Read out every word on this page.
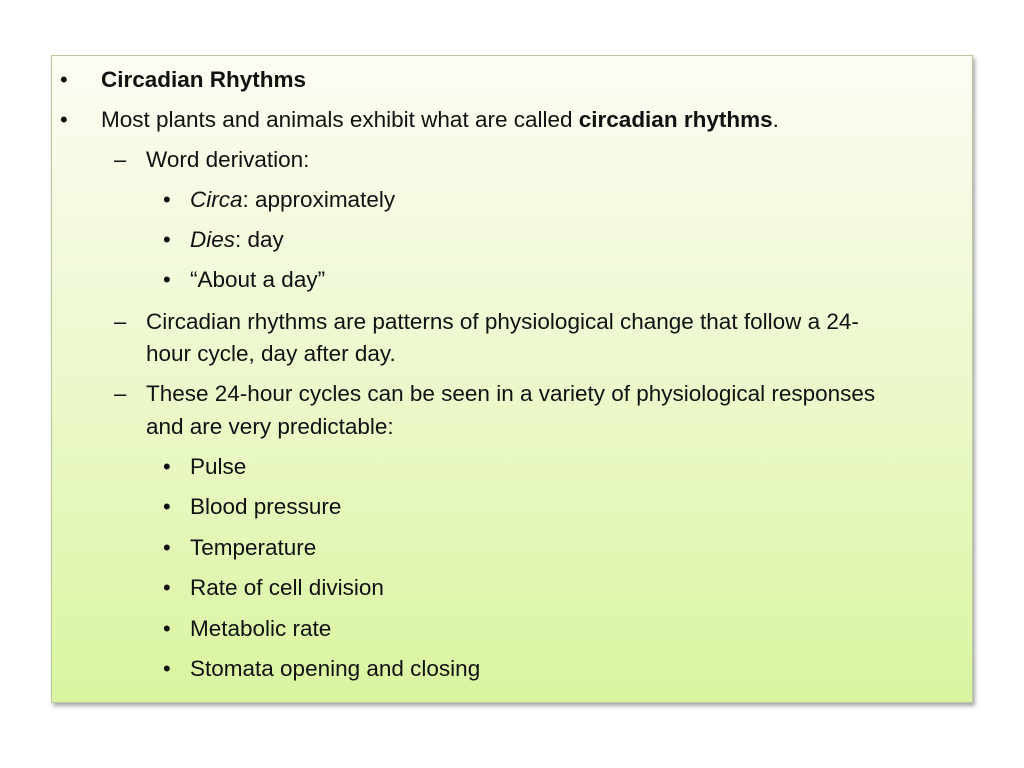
• Circadian Rhythms
• Most plants and animals exhibit what are called circadian rhythms.
– Word derivation:
• Circa: approximately
• Dies: day
• “About a day”
– Circadian rhythms are patterns of physiological change that follow a 24-
hour cycle, day after day.
– These 24-hour cycles can be seen in a variety of physiological responses
and are very predictable:
• Pulse
• Blood pressure
• Temperature
• Rate of cell division
• Metabolic rate
• Stomata opening and closing
